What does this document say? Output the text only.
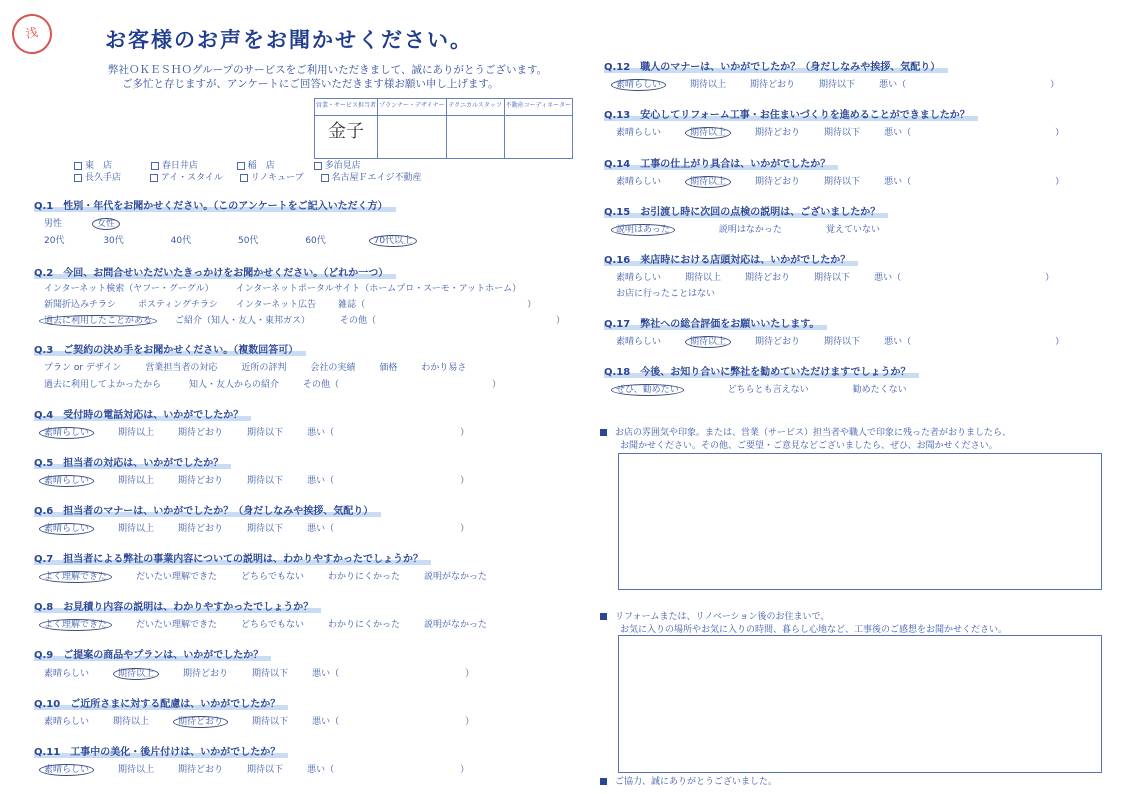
浅	お客様のお声をお聞かせください。
弊社ＯＫＥＳＨＯグループのサービスをご利用いただきまして、誠にありがとうございます。
ご多忙と存じますが、アンケートにご回答いただきます様お願い申し上げます。
営業・サービス担当者	プランナー・デザイナー	テクニカルスタッフ	不動産コーディネーター
金子			
東　店	春日井店	稲　店	多治見店
長久手店	アイ・スタイル	リノキューブ	名古屋Ｆエイジ不動産
Q.1　性別・年代をお聞かせください。（このアンケートをご記入いただく方）
男性	女性
20代	30代	40代	50代	60代	70代以上
Q.2　今回、お問合せいただいたきっかけをお聞かせください。（どれか一つ）
インターネット検索（ヤフー・グーグル） インターネットポータルサイト（ホームプロ・スーモ・アットホーム）
新聞折込みチラシ ポスティングチラシ インターネット広告 雑誌（　　　　　　　　　　　　　　　　　　）
過去に利用したことがある	ご紹介（知人・友人・東邦ガス）	その他（　　　　　　　　　　　　　　　　　　　　）
Q.3　ご契約の決め手をお聞かせください。（複数回答可）
プラン or デザイン	営業担当者の対応	近所の評判	会社の実績	価格	わかり易さ
過去に利用してよかったから	知人・友人からの紹介	その他（　　　　　　　　　　　　　　　　　）
Q.4　受付時の電話対応は、いかがでしたか？
素晴らしい	期待以上	期待どおり	期待以下	悪い（　　　　　　　　　　　　　　）
Q.5　担当者の対応は、いかがでしたか？
素晴らしい	期待以上	期待どおり	期待以下	悪い（　　　　　　　　　　　　　　）
Q.6　担当者のマナーは、いかがでしたか？（身だしなみや挨拶、気配り）
素晴らしい	期待以上	期待どおり	期待以下	悪い（　　　　　　　　　　　　　　）
Q.7　担当者による弊社の事業内容についての説明は、わかりやすかったでしょうか？
よく理解できた	だいたい理解できた	どちらでもない	わかりにくかった	説明がなかった
Q.8　お見積り内容の説明は、わかりやすかったでしょうか？
よく理解できた	だいたい理解できた	どちらでもない	わかりにくかった	説明がなかった
Q.9　ご提案の商品やプランは、いかがでしたか？
素晴らしい	期待以上	期待どおり	期待以下	悪い（　　　　　　　　　　　　　　）
Q.10　ご近所さまに対する配慮は、いかがでしたか？
素晴らしい	期待以上	期待どおり	期待以下	悪い（　　　　　　　　　　　　　　）
Q.11　工事中の美化・後片付けは、いかがでしたか？
素晴らしい	期待以上	期待どおり	期待以下	悪い（　　　　　　　　　　　　　　）
Q.12　職人のマナーは、いかがでしたか？（身だしなみや挨拶、気配り）
素晴らしい	期待以上	期待どおり	期待以下	悪い（　　　　　　　　　　　　　　　　）
Q.13　安心してリフォーム工事・お住まいづくりを進めることができましたか？
素晴らしい	期待以上	期待どおり	期待以下	悪い（　　　　　　　　　　　　　　　　）
Q.14　工事の仕上がり具合は、いかがでしたか？
素晴らしい	期待以上	期待どおり	期待以下	悪い（　　　　　　　　　　　　　　　　）
Q.15　お引渡し時に次回の点検の説明は、ございましたか？
説明はあった	説明はなかった	覚えていない
Q.16　来店時における店頭対応は、いかがでしたか？
素晴らしい	期待以上	期待どおり	期待以下	悪い（　　　　　　　　　　　　　　　　）
お店に行ったことはない
Q.17　弊社への総合評価をお願いいたします。
素晴らしい	期待以上	期待どおり	期待以下	悪い（　　　　　　　　　　　　　　　　）
Q.18　今後、お知り合いに弊社を勧めていただけますでしょうか？
ぜひ、勧めたい	どちらとも言えない	勧めたくない
お店の雰囲気や印象。または、営業（サービス）担当者や職人で印象に残った者がおりましたら、
お聞かせください。その他、ご要望・ご意見などございましたら、ぜひ、お聞かせください。
リフォームまたは、リノベーション後のお住まいで、
お気に入りの場所やお気に入りの時間、暮らし心地など、工事後のご感想をお聞かせください。
ご協力、誠にありがとうございました。
